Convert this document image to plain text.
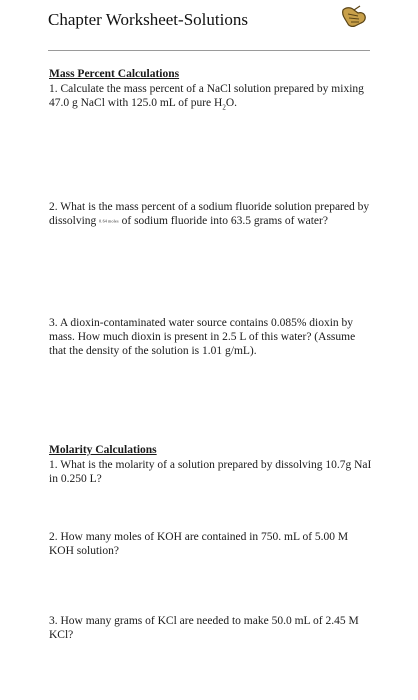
Chapter Worksheet-Solutions
Mass Percent Calculations
1. Calculate the mass percent of a NaCl solution prepared by mixing 47.0 g NaCl with 125.0 mL of pure $H_2O$.
2. What is the mass percent of a sodium fluoride solution prepared by dissolving 0.64 moles of sodium fluoride into 63.5 grams of water?
3. A dioxin-contaminated water source contains 0.085% dioxin by mass. How much dioxin is present in 2.5 L of this water? (Assume that the density of the solution is 1.01 g/mL).
Molarity Calculations
1. What is the molarity of a solution prepared by dissolving 10.7g NaI in 0.250 L?
2. How many moles of KOH are contained in 750. mL of 5.00 M KOH solution?
3. How many grams of KCl are needed to make 50.0 mL of 2.45 M KCl?
